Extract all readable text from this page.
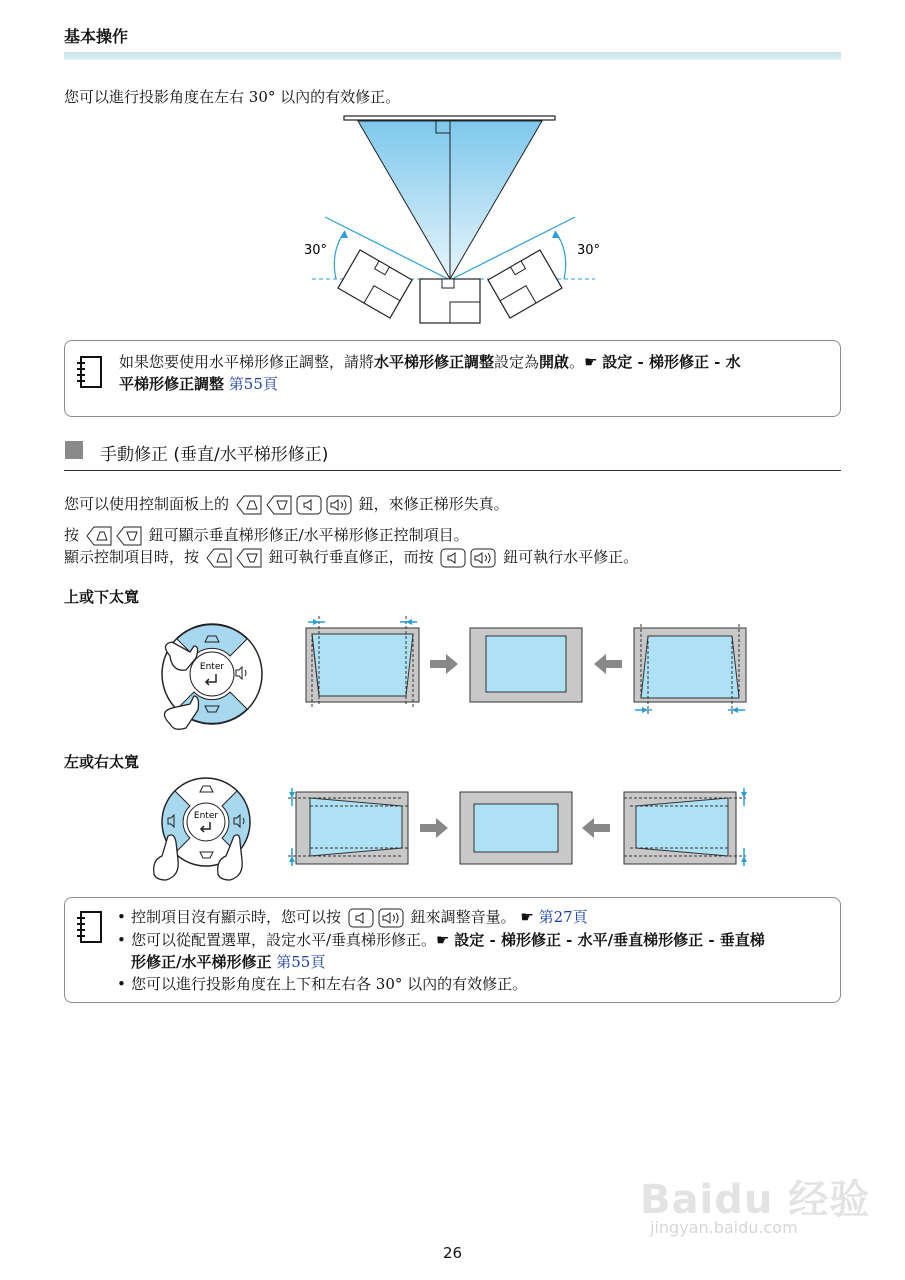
基本操作
您可以進行投影角度在左右 30° 以內的有效修正。
30°	30°
如果您要使用水平梯形修正調整，請將水平梯形修正調整設定為開啟。☛ 設定 - 梯形修正 - 水
平梯形修正調整 第55頁
手動修正 (垂直/水平梯形修正)
您可以使用控制面板上的	鈕，來修正梯形失真。
按	鈕可顯示垂直梯形修正/水平梯形修正控制項目。
顯示控制項目時，按	鈕可執行垂直修正，而按	鈕可執行水平修正。
上或下太寬
Enter
左或右太寬
Enter
• 控制項目沒有顯示時，您可以按	鈕來調整音量。 ☛ 第27頁
• 您可以從配置選單，設定水平/垂真梯形修正。☛ 設定 - 梯形修正 - 水平/垂直梯形修正 - 垂直梯
形修正/水平梯形修正 第55頁
• 您可以進行投影角度在上下和左右各 30° 以內的有效修正。
Baidu 经验
jingyan.baidu.com
26
